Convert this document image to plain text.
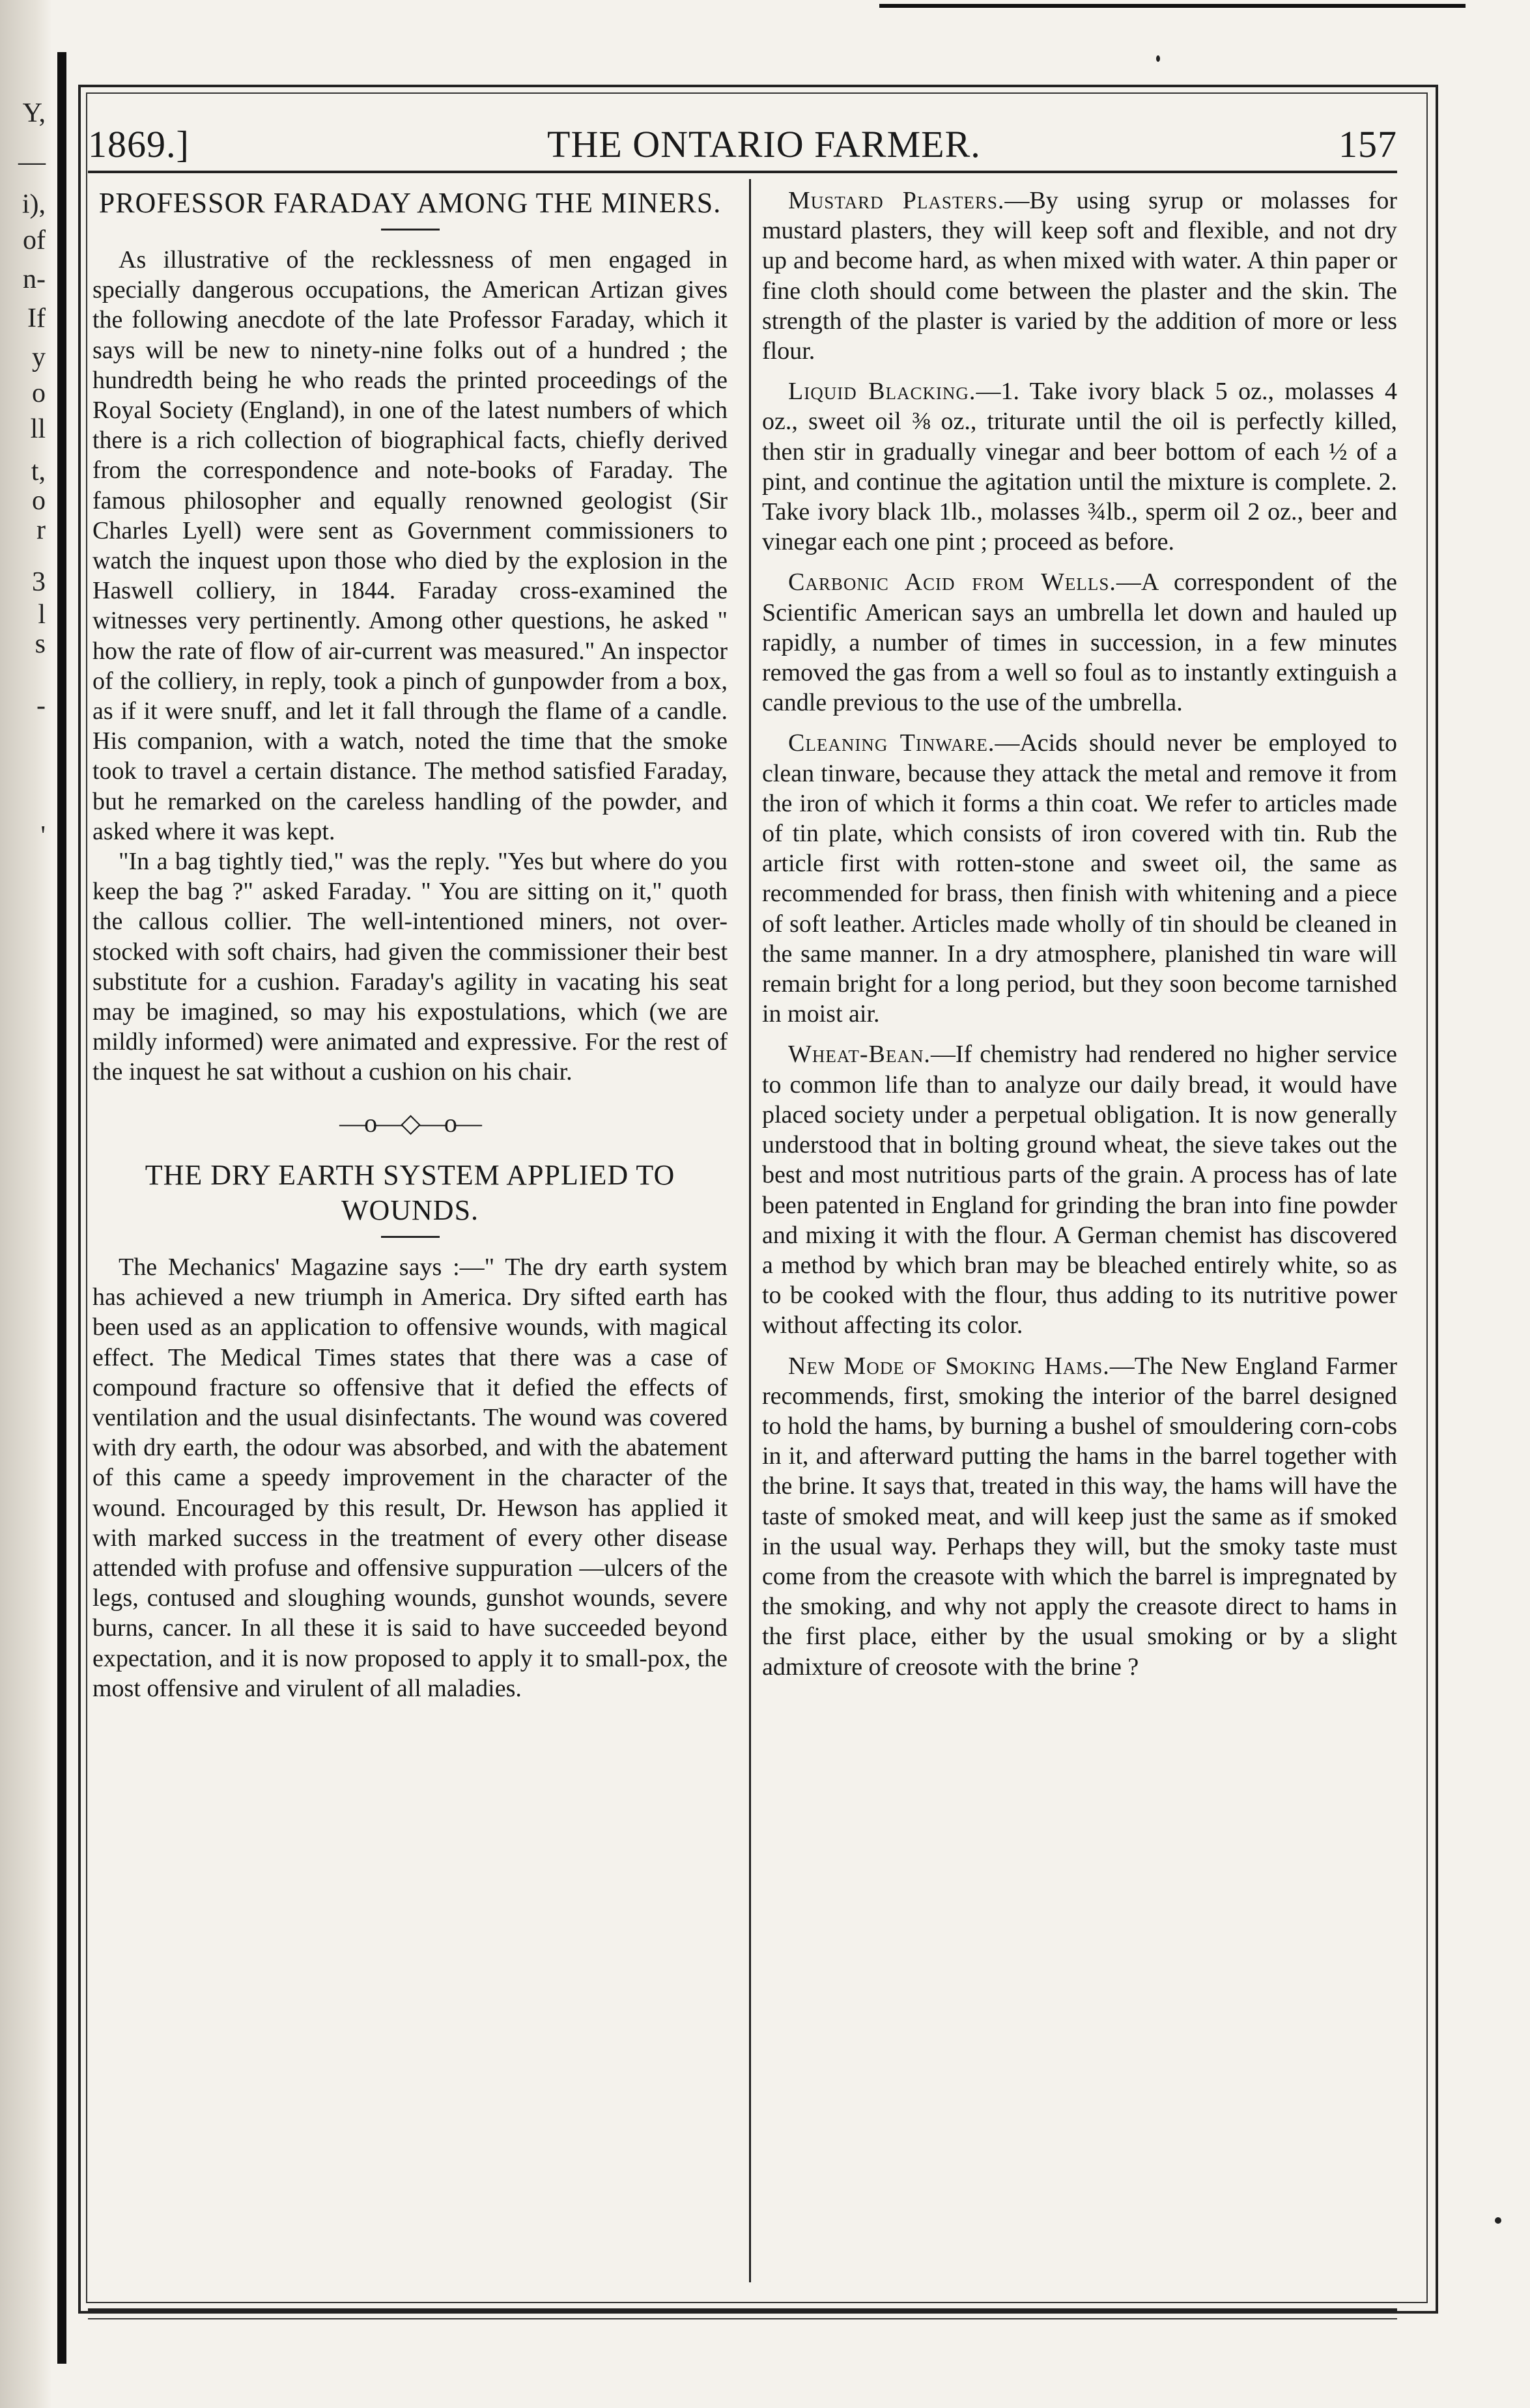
Y,
—
i),
of
n-
If
y
o
ll
t,
o
r
3
l
s
-
'
1869.]	THE ONTARIO FARMER.	157
PROFESSOR FARADAY AMONG THE MINERS.

As illustrative of the recklessness of men engaged in specially dangerous occupations, the American Artizan gives the following anecdote of the late Professor Faraday, which it says will be new to ninety-nine folks out of a hundred ; the hundredth being he who reads the printed proceedings of the Royal Society (England), in one of the latest numbers of which there is a rich collection of biographical facts, chiefly derived from the correspondence and note-books of Faraday. The famous philosopher and equally renowned geologist (Sir Charles Lyell) were sent as Government commissioners to watch the inquest upon those who died by the explosion in the Haswell colliery, in 1844. Faraday cross-examined the witnesses very pertinently. Among other questions, he asked " how the rate of flow of air-current was measured." An inspector of the colliery, in reply, took a pinch of gunpowder from a box, as if it were snuff, and let it fall through the flame of a candle. His companion, with a watch, noted the time that the smoke took to travel a certain distance. The method satisfied Faraday, but he remarked on the careless handling of the powder, and asked where it was kept.

"In a bag tightly tied," was the reply. "Yes but where do you keep the bag ?" asked Faraday. " You are sitting on it," quoth the callous collier. The well-intentioned miners, not over-stocked with soft chairs, had given the commissioner their best substitute for a cushion. Faraday's agility in vacating his seat may be imagined, so may his expostulations, which (we are mildly informed) were animated and expressive. For the rest of the inquest he sat without a cushion on his chair.

—o—◇—o—
THE DRY EARTH SYSTEM APPLIED TO WOUNDS.

The Mechanics' Magazine says :—" The dry earth system has achieved a new triumph in America. Dry sifted earth has been used as an application to offensive wounds, with magical effect. The Medical Times states that there was a case of compound fracture so offensive that it defied the effects of ventilation and the usual disinfectants. The wound was covered with dry earth, the odour was absorbed, and with the abatement of this came a speedy improvement in the character of the wound. Encouraged by this result, Dr. Hewson has applied it with marked success in the treatment of every other disease attended with profuse and offensive suppuration —ulcers of the legs, contused and sloughing wounds, gunshot wounds, severe burns, cancer. In all these it is said to have succeeded beyond expectation, and it is now proposed to apply it to small-pox, the most offensive and virulent of all maladies.

Mustard Plasters.—By using syrup or molasses for mustard plasters, they will keep soft and flexible, and not dry up and become hard, as when mixed with water. A thin paper or fine cloth should come between the plaster and the skin. The strength of the plaster is varied by the addition of more or less flour.

Liquid Blacking.—1. Take ivory black 5 oz., molasses 4 oz., sweet oil ⅜ oz., triturate until the oil is perfectly killed, then stir in gradually vinegar and beer bottom of each ½ of a pint, and continue the agitation until the mixture is complete. 2. Take ivory black 1lb., molasses ¾lb., sperm oil 2 oz., beer and vinegar each one pint ; proceed as before.

Carbonic Acid from Wells.—A correspondent of the Scientific American says an umbrella let down and hauled up rapidly, a number of times in succession, in a few minutes removed the gas from a well so foul as to instantly extinguish a candle previous to the use of the umbrella.

Cleaning Tinware.—Acids should never be employed to clean tinware, because they attack the metal and remove it from the iron of which it forms a thin coat. We refer to articles made of tin plate, which consists of iron covered with tin. Rub the article first with rotten-stone and sweet oil, the same as recommended for brass, then finish with whitening and a piece of soft leather. Articles made wholly of tin should be cleaned in the same manner. In a dry atmosphere, planished tin ware will remain bright for a long period, but they soon become tarnished in moist air.

Wheat-Bean.—If chemistry had rendered no higher service to common life than to analyze our daily bread, it would have placed society under a perpetual obligation. It is now generally understood that in bolting ground wheat, the sieve takes out the best and most nutritious parts of the grain. A process has of late been patented in England for grinding the bran into fine powder and mixing it with the flour. A German chemist has discovered a method by which bran may be bleached entirely white, so as to be cooked with the flour, thus adding to its nutritive power without affecting its color.

New Mode of Smoking Hams.—The New England Farmer recommends, first, smoking the interior of the barrel designed to hold the hams, by burning a bushel of smouldering corn-cobs in it, and afterward putting the hams in the barrel together with the brine. It says that, treated in this way, the hams will have the taste of smoked meat, and will keep just the same as if smoked in the usual way. Perhaps they will, but the smoky taste must come from the creasote with which the barrel is impregnated by the smoking, and why not apply the creasote direct to hams in the first place, either by the usual smoking or by a slight admixture of creosote with the brine ?
